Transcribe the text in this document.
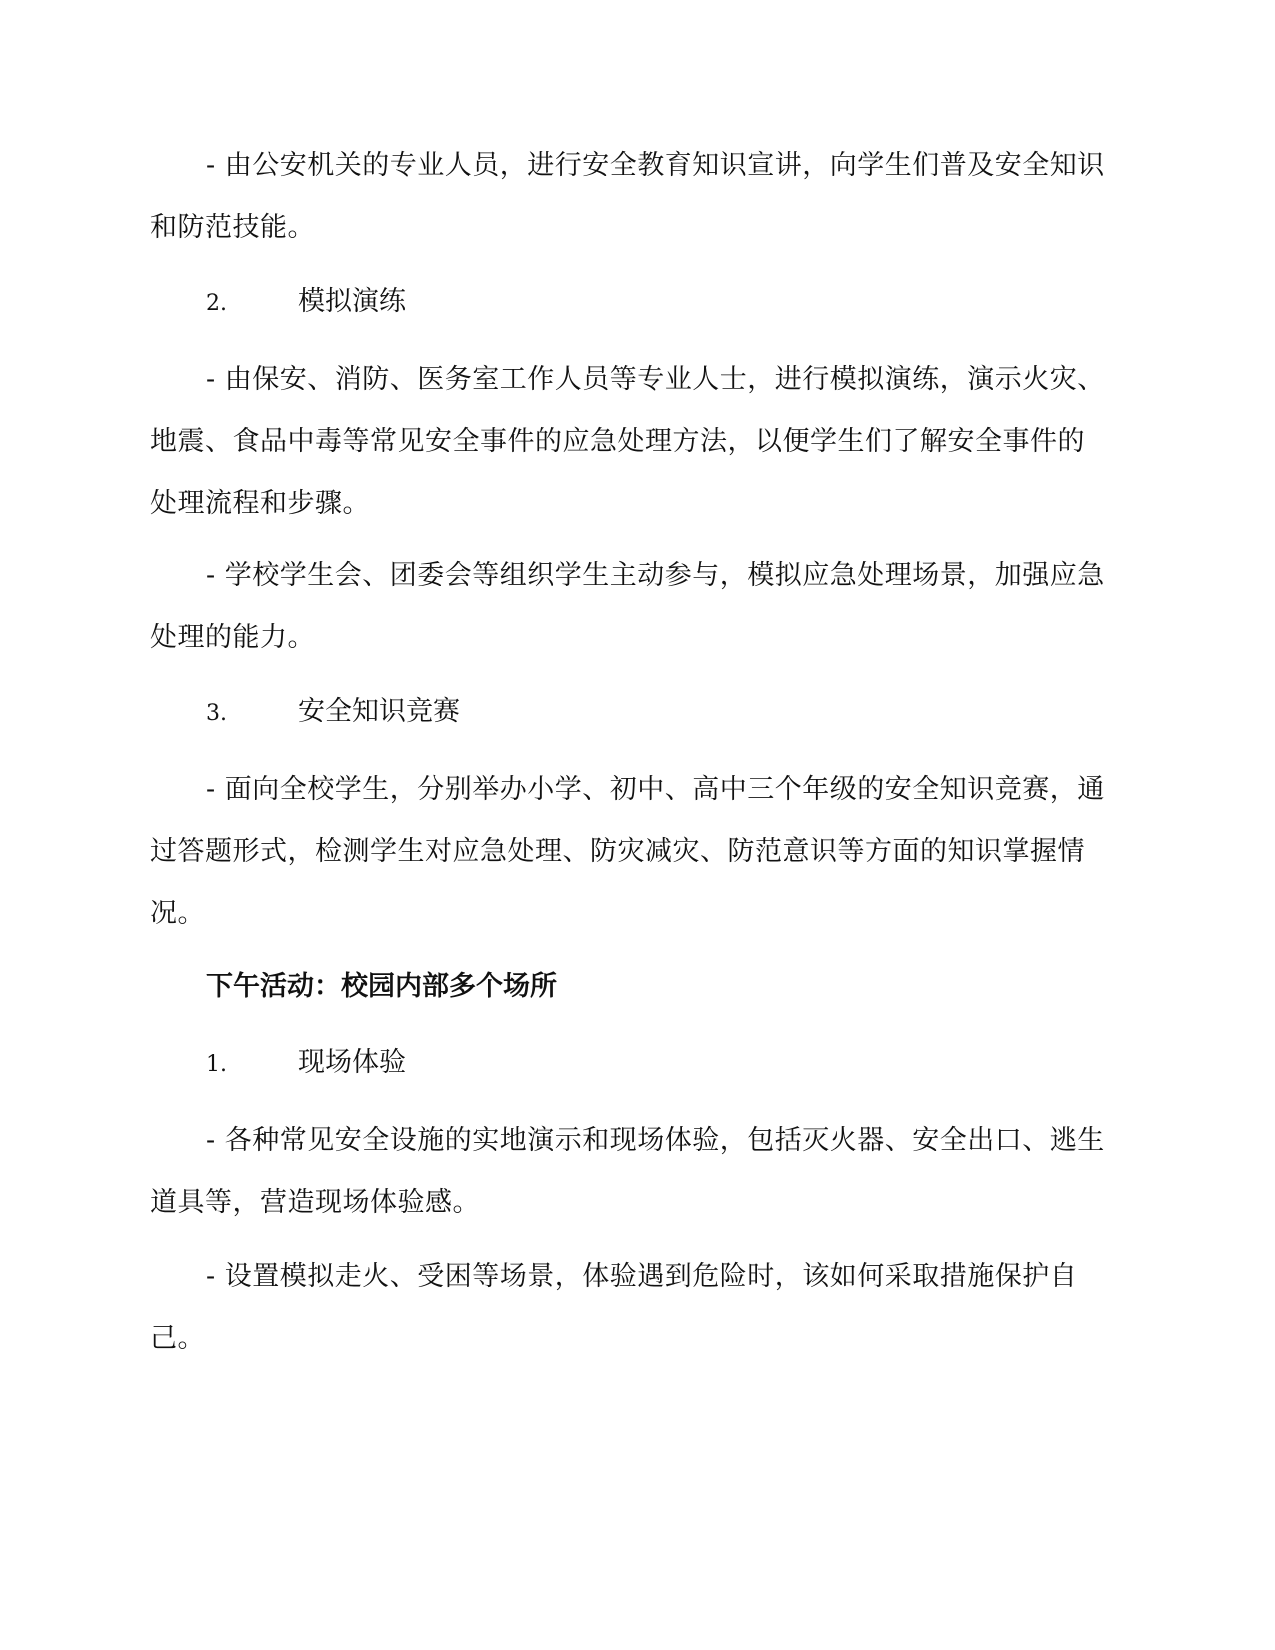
- 由公安机关的专业人员，进行安全教育知识宣讲，向学生们普及安全知识和防范技能。
2.	模拟演练
- 由保安、消防、医务室工作人员等专业人士，进行模拟演练，演示火灾、地震、食品中毒等常见安全事件的应急处理方法，以便学生们了解安全事件的处理流程和步骤。
- 学校学生会、团委会等组织学生主动参与，模拟应急处理场景，加强应急处理的能力。
3.	安全知识竞赛
- 面向全校学生，分别举办小学、初中、高中三个年级的安全知识竞赛，通过答题形式，检测学生对应急处理、防灾减灾、防范意识等方面的知识掌握情况。
下午活动：校园内部多个场所
1.	现场体验
- 各种常见安全设施的实地演示和现场体验，包括灭火器、安全出口、逃生道具等，营造现场体验感。
- 设置模拟走火、受困等场景，体验遇到危险时，该如何采取措施保护自己。
